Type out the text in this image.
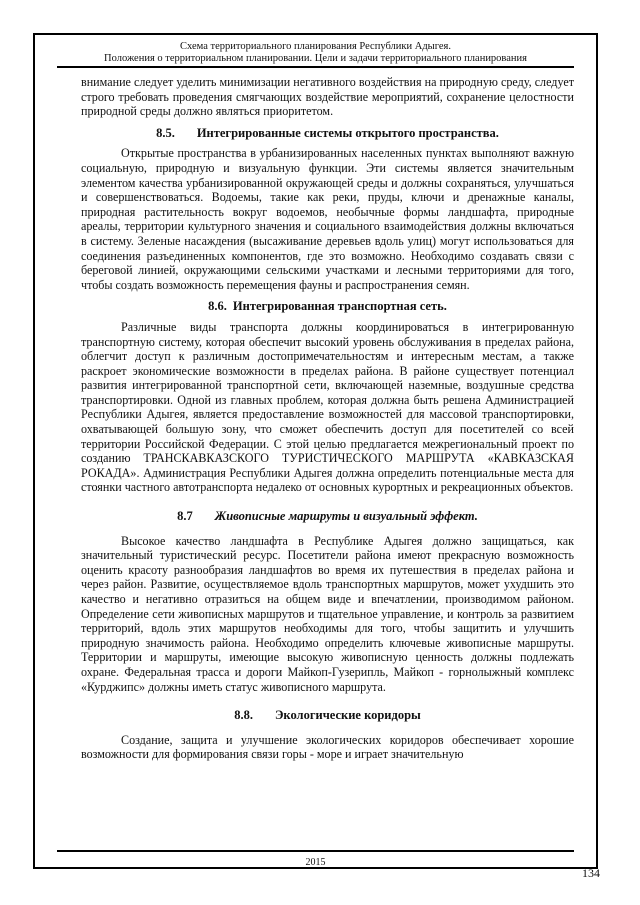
Схема территориального планирования Республики Адыгея.
Положения о территориальном планировании. Цели и задачи территориального планирования

внимание следует уделить минимизации негативного воздействия на природную среду, следует строго требовать проведения смягчающих воздействие мероприятий, сохранение целостности природной среды должно являться приоритетом.

8.5. Интегрированные системы открытого пространства.

Открытые пространства в урбанизированных населенных пунктах выполняют важную социальную, природную и визуальную функции. Эти системы является значительным элементом качества урбанизированной окружающей среды и должны сохраняться, улучшаться и совершенствоваться. Водоемы, такие как реки, пруды, ключи и дренажные каналы, природная растительность вокруг водоемов, необычные формы ландшафта, природные ареалы, территории культурного значения и социального взаимодействия должны включаться в систему. Зеленые насаждения (высаживание деревьев вдоль улиц) могут использоваться для соединения разъединенных компонентов, где это возможно. Необходимо создавать связи с береговой линией, окружающими сельскими участками и лесными территориями для того, чтобы создать возможность перемещения фауны и распространения семян.

8.6. Интегрированная транспортная сеть.

Различные виды транспорта должны координироваться в интегрированную транспортную систему, которая обеспечит высокий уровень обслуживания в пределах района, облегчит доступ к различным достопримечательностям и интересным местам, а также раскроет экономические возможности в пределах района. В районе существует потенциал развития интегрированной транспортной сети, включающей наземные, воздушные средства транспортировки. Одной из главных проблем, которая должна быть решена Администрацией Республики Адыгея, является предоставление возможностей для массовой транспортировки, охватывающей большую зону, что сможет обеспечить доступ для посетителей со всей территории Российской Федерации. С этой целью предлагается межрегиональный проект по созданию ТРАНСКАВКАЗСКОГО ТУРИСТИЧЕСКОГО МАРШРУТА «КАВКАЗСКАЯ РОКАДА». Администрация Республики Адыгея должна определить потенциальные места для стоянки частного автотранспорта недалеко от основных курортных и рекреационных объектов.

8.7 Живописные маршруты и визуальный эффект.

Высокое качество ландшафта в Республике Адыгея должно защищаться, как значительный туристический ресурс. Посетители района имеют прекрасную возможность оценить красоту разнообразия ландшафтов во время их путешествия в пределах района и через район. Развитие, осуществляемое вдоль транспортных маршрутов, может ухудшить это качество и негативно отразиться на общем виде и впечатлении, производимом районом. Определение сети живописных маршрутов и тщательное управление, и контроль за развитием территорий, вдоль этих маршрутов необходимы для того, чтобы защитить и улучшить природную значимость района. Необходимо определить ключевые живописные маршруты. Территории и маршруты, имеющие высокую живописную ценность должны подлежать охране. Федеральная трасса и дороги Майкоп-Гузерипль, Майкоп - горнолыжный комплекс «Курджипс» должны иметь статус живописного маршрута.

8.8. Экологические коридоры

Создание, защита и улучшение экологических коридоров обеспечивает хорошие возможности для формирования связи горы - море и играет значительную

2015
134
